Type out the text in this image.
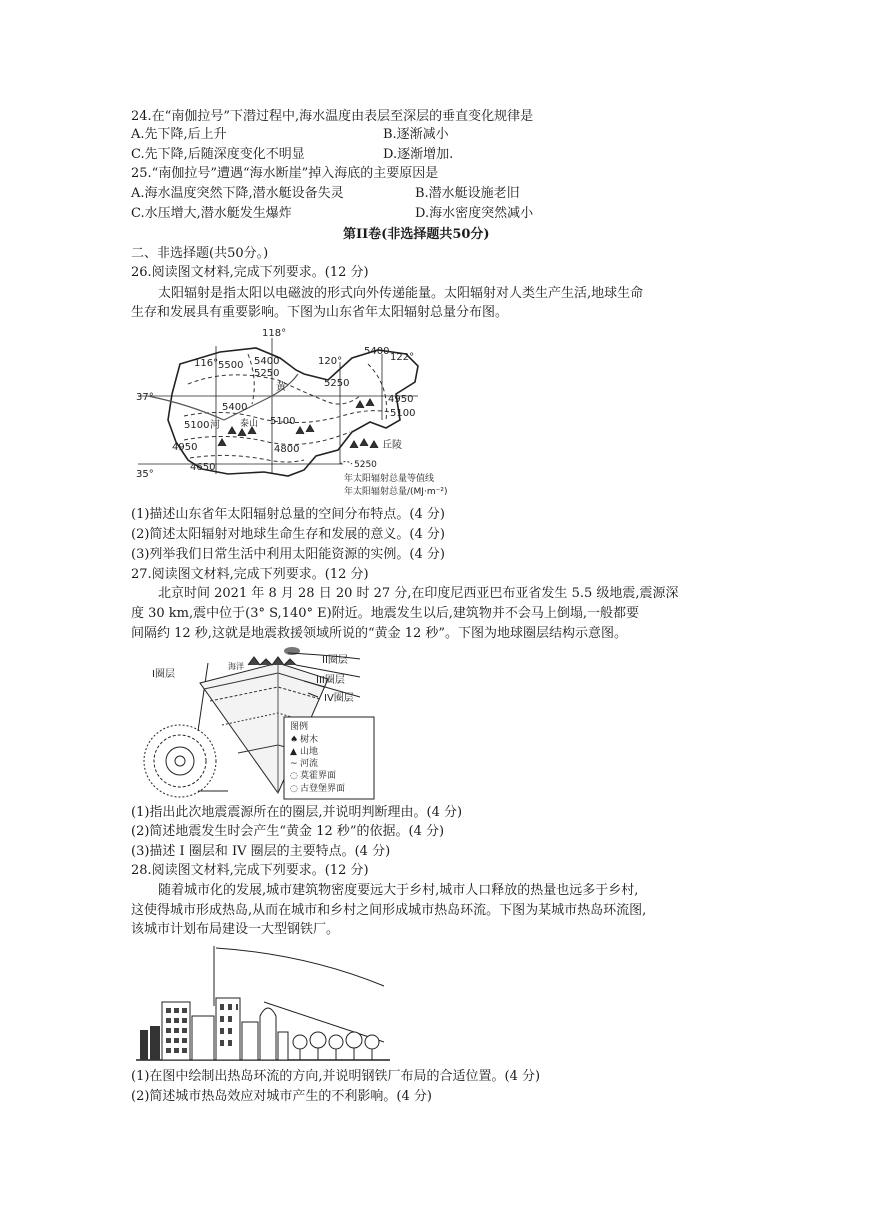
24.在“南伽拉号”下潜过程中,海水温度由表层至深层的垂直变化规律是
A.先下降,后上升	B.逐渐减小
C.先下降,后随深度变化不明显	D.逐渐增加.
25.“南伽拉号”遭遇“海水断崖”掉入海底的主要原因是
A.海水温度突然下降,潜水艇设备失灵	B.潜水艇设施老旧
C.水压增大,潜水艇发生爆炸	D.海水密度突然减小
第II卷(非选择题共50分)
二、非选择题(共50分。)
26.阅读图文材料,完成下列要求。(12 分)
太阳辐射是指太阳以电磁波的形式向外传递能量。太阳辐射对人类生产生活,地球生命
生存和发展具有重要影响。下图为山东省年太阳辐射总量分布图。
37°
35°
116°
118°
120°	122°
5500 5400
5250
5400
5250
5400
5100
4950
5100
5100
4950	4800
4650
河 泰山
黄
丘陵
5250
年太阳辐射总量等值线
年太阳辐射总量/(MJ·m⁻²)
(1)描述山东省年太阳辐射总量的空间分布特点。(4 分)
(2)简述太阳辐射对地球生命生存和发展的意义。(4 分)
(3)列举我们日常生活中利用太阳能资源的实例。(4 分)
27.阅读图文材料,完成下列要求。(12 分)
北京时间 2021 年 8 月 28 日 20 时 27 分,在印度尼西亚巴布亚省发生 5.5 级地震,震源深
度 30 km,震中位于(3° S,140° E)附近。地震发生以后,建筑物并不会马上倒塌,一般都要
间隔约 12 秒,这就是地震救援领域所说的“黄金 12 秒”。下图为地球圈层结构示意图。
I圈层
海洋
II圈层
III圈层
IV圈层
图例
♠ 树木
▲ 山地
~ 河流
◌ 莫霍界面
◌ 古登堡界面
(1)指出此次地震震源所在的圈层,并说明判断理由。(4 分)
(2)简述地震发生时会产生“黄金 12 秒”的依据。(4 分)
(3)描述 I 圈层和 IV 圈层的主要特点。(4 分)
28.阅读图文材料,完成下列要求。(12 分)
随着城市化的发展,城市建筑物密度要远大于乡村,城市人口释放的热量也远多于乡村,
这使得城市形成热岛,从而在城市和乡村之间形成城市热岛环流。下图为某城市热岛环流图,
该城市计划布局建设一大型钢铁厂。
(1)在图中绘制出热岛环流的方向,并说明钢铁厂布局的合适位置。(4 分)
(2)简述城市热岛效应对城市产生的不利影响。(4 分)
